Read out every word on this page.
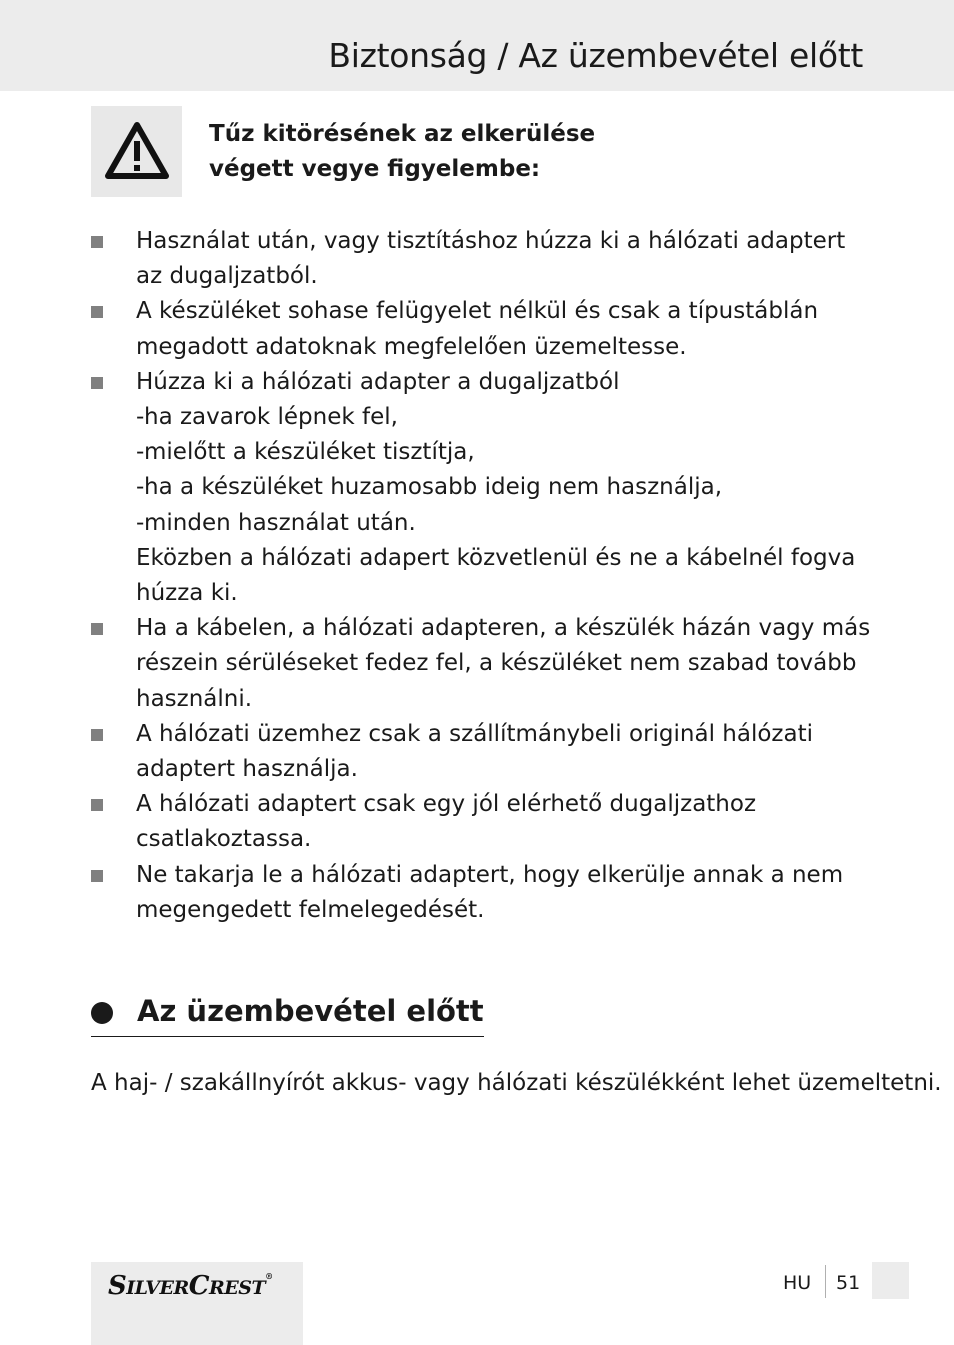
Biztonság / Az üzembevétel előtt
Tűz kitörésének az elkerülése
végett vegye figyelembe:
Használat után, vagy tisztításhoz húzza ki a hálózati adaptert
az dugaljzatból.
A készüléket sohase felügyelet nélkül és csak a típustáblán
megadott adatoknak megfelelően üzemeltesse.
Húzza ki a hálózati adapter a dugaljzatból
- ha zavarok lépnek fel,
- mielőtt a készüléket tisztítja,
- ha a készüléket huzamosabb ideig nem használja,
- minden használat után.
Eközben a hálózati adapert közvetlenül és ne a kábelnél fogva
húzza ki.
Ha a kábelen, a hálózati adapteren, a készülék házán vagy más
részein sérüléseket fedez fel, a készüléket nem szabad tovább
használni.
A hálózati üzemhez csak a szállítmánybeli originál hálózati
adaptert használja.
A hálózati adaptert csak egy jól elérhető dugaljzathoz
csatlakoztassa.
Ne takarja le a hálózati adaptert, hogy elkerülje annak a nem
megengedett felmelegedését.
Az üzembevétel előtt
A haj- / szakállnyírót akkus- vagy hálózati készülékként lehet üzemeltetni.
SILVERCREST®	HU 51
